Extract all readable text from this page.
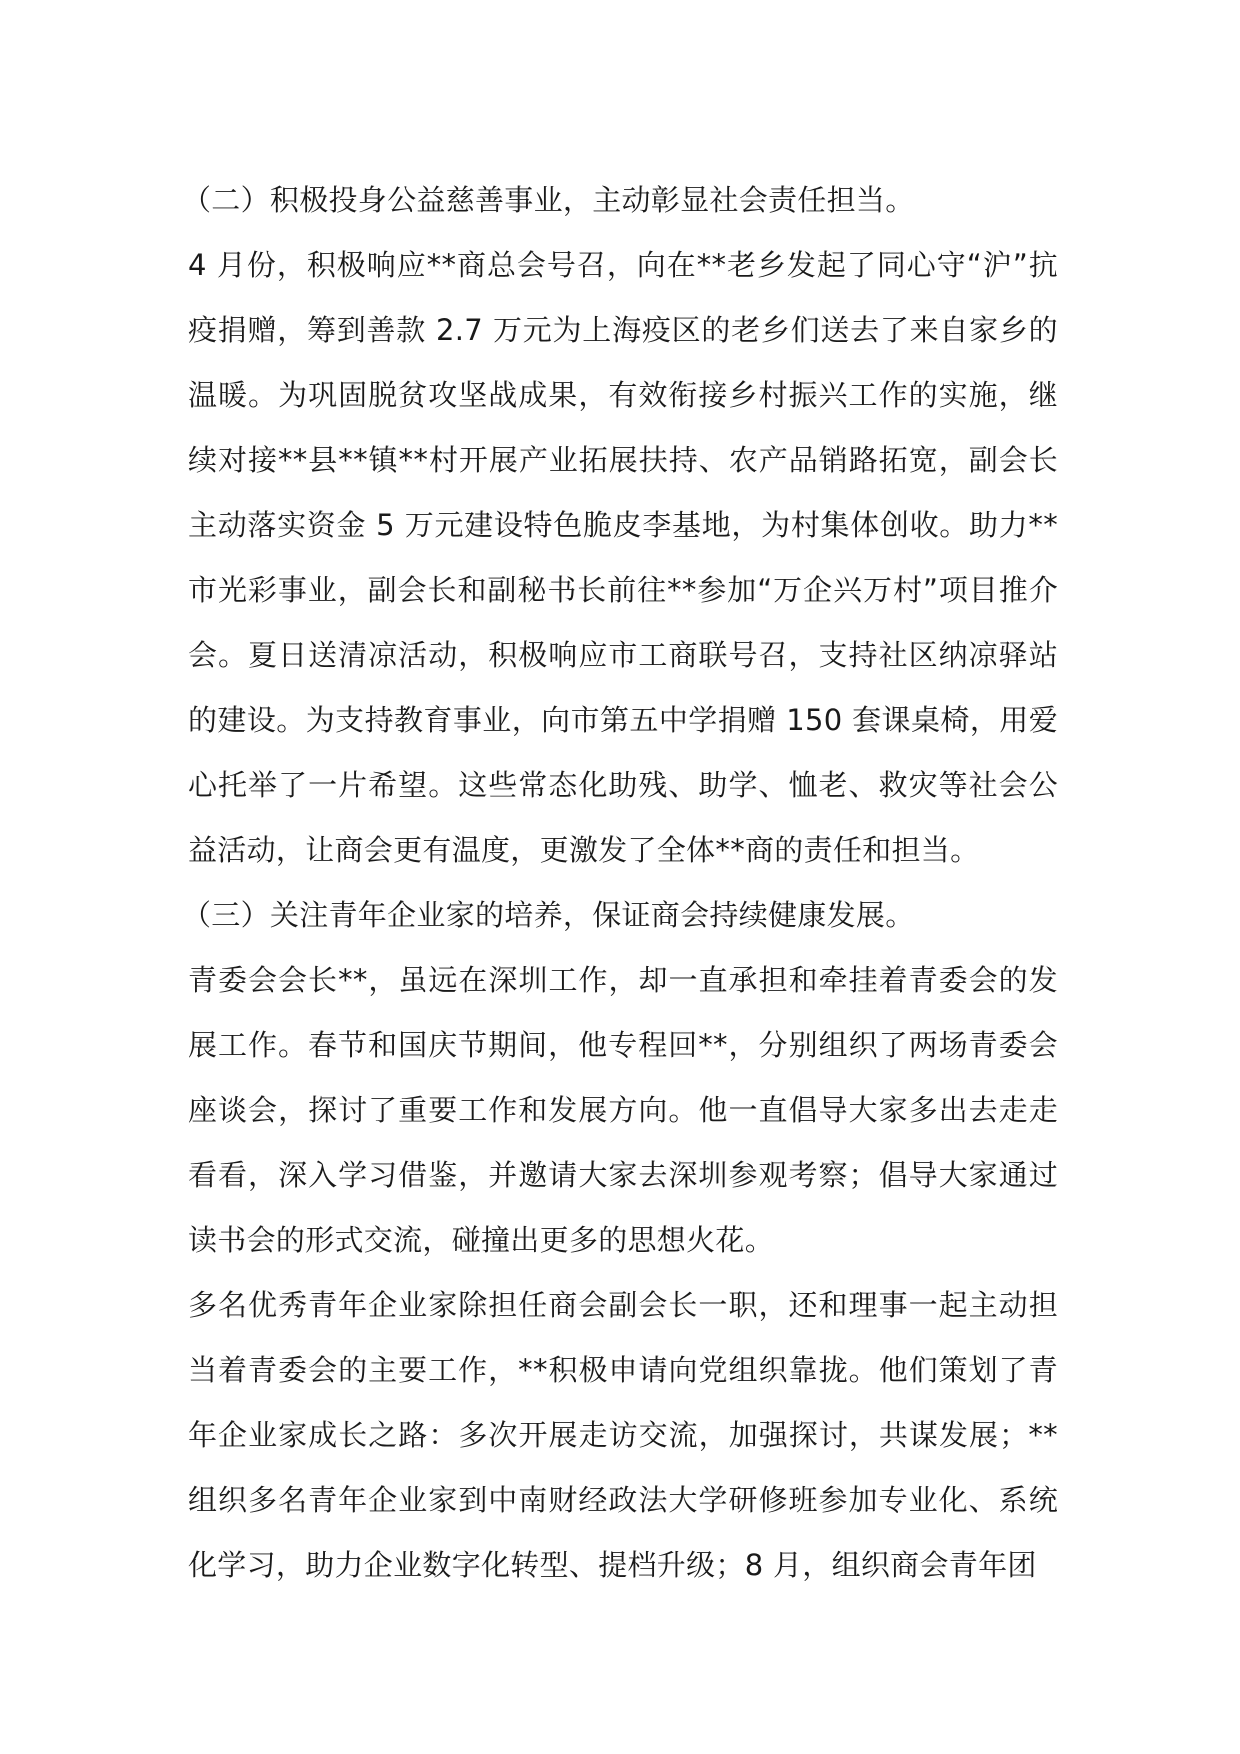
（二）积极投身公益慈善事业，主动彰显社会责任担当。

4 月份，积极响应**商总会号召，向在**老乡发起了同心守“沪”抗疫捐赠，筹到善款 2.7 万元为上海疫区的老乡们送去了来自家乡的温暖。为巩固脱贫攻坚战成果，有效衔接乡村振兴工作的实施，继续对接**县**镇**村开展产业拓展扶持、农产品销路拓宽，副会长主动落实资金 5 万元建设特色脆皮李基地，为村集体创收。助力**市光彩事业，副会长和副秘书长前往**参加“万企兴万村”项目推介会。夏日送清凉活动，积极响应市工商联号召，支持社区纳凉驿站的建设。为支持教育事业，向市第五中学捐赠 150 套课桌椅，用爱心托举了一片希望。这些常态化助残、助学、恤老、救灾等社会公益活动，让商会更有温度，更激发了全体**商的责任和担当。

（三）关注青年企业家的培养，保证商会持续健康发展。

青委会会长**，虽远在深圳工作，却一直承担和牵挂着青委会的发展工作。春节和国庆节期间，他专程回**，分别组织了两场青委会座谈会，探讨了重要工作和发展方向。他一直倡导大家多出去走走看看，深入学习借鉴，并邀请大家去深圳参观考察；倡导大家通过读书会的形式交流，碰撞出更多的思想火花。

多名优秀青年企业家除担任商会副会长一职，还和理事一起主动担当着青委会的主要工作，**积极申请向党组织靠拢。他们策划了青年企业家成长之路：多次开展走访交流，加强探讨，共谋发展；**组织多名青年企业家到中南财经政法大学研修班参加专业化、系统化学习，助力企业数字化转型、提档升级；8 月，组织商会青年团
